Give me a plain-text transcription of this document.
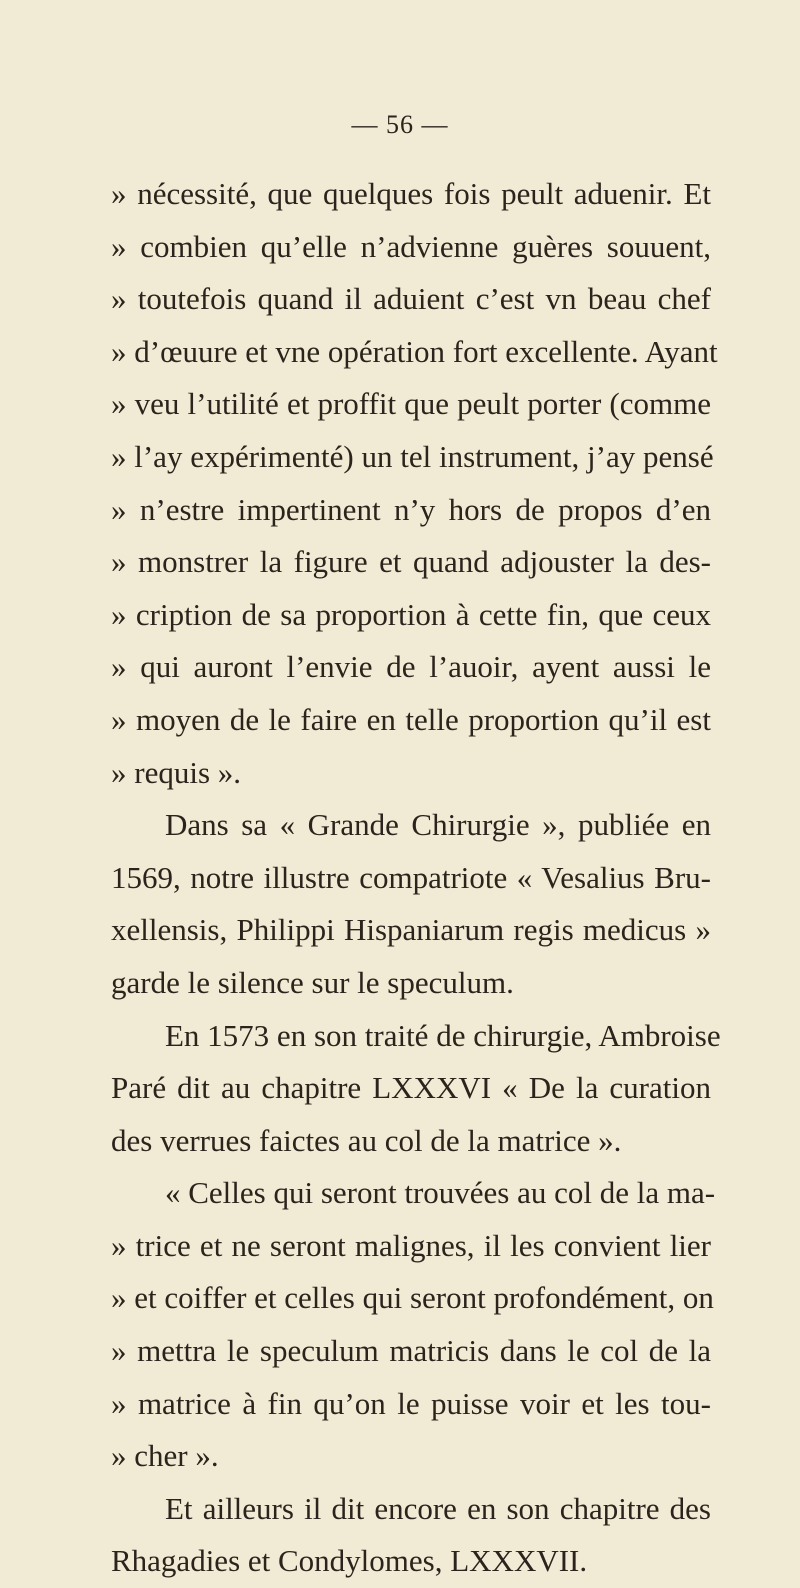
— 56 —
» nécessité, que quelques fois peult aduenir. Et
» combien qu’elle n’advienne guères souuent,
» toutefois quand il aduient c’est vn beau chef
» d’œuure et vne opération fort excellente. Ayant
» veu l’utilité et proffit que peult porter (comme
» l’ay expérimenté) un tel instrument, j’ay pensé
» n’estre impertinent n’y hors de propos d’en
» monstrer la figure et quand adjouster la des-
» cription de sa proportion à cette fin, que ceux
» qui auront l’envie de l’auoir, ayent aussi le
» moyen de le faire en telle proportion qu’il est
» requis ».
Dans sa « Grande Chirurgie », publiée en
1569, notre illustre compatriote « Vesalius Bru-
xellensis, Philippi Hispaniarum regis medicus »
garde le silence sur le speculum.
En 1573 en son traité de chirurgie, Ambroise
Paré dit au chapitre LXXXVI « De la curation
des verrues faictes au col de la matrice ».
« Celles qui seront trouvées au col de la ma-
» trice et ne seront malignes, il les convient lier
» et coiffer et celles qui seront profondément, on
» mettra le speculum matricis dans le col de la
» matrice à fin qu’on le puisse voir et les tou-
» cher ».
Et ailleurs il dit encore en son chapitre des
Rhagadies et Condylomes, LXXXVII.
